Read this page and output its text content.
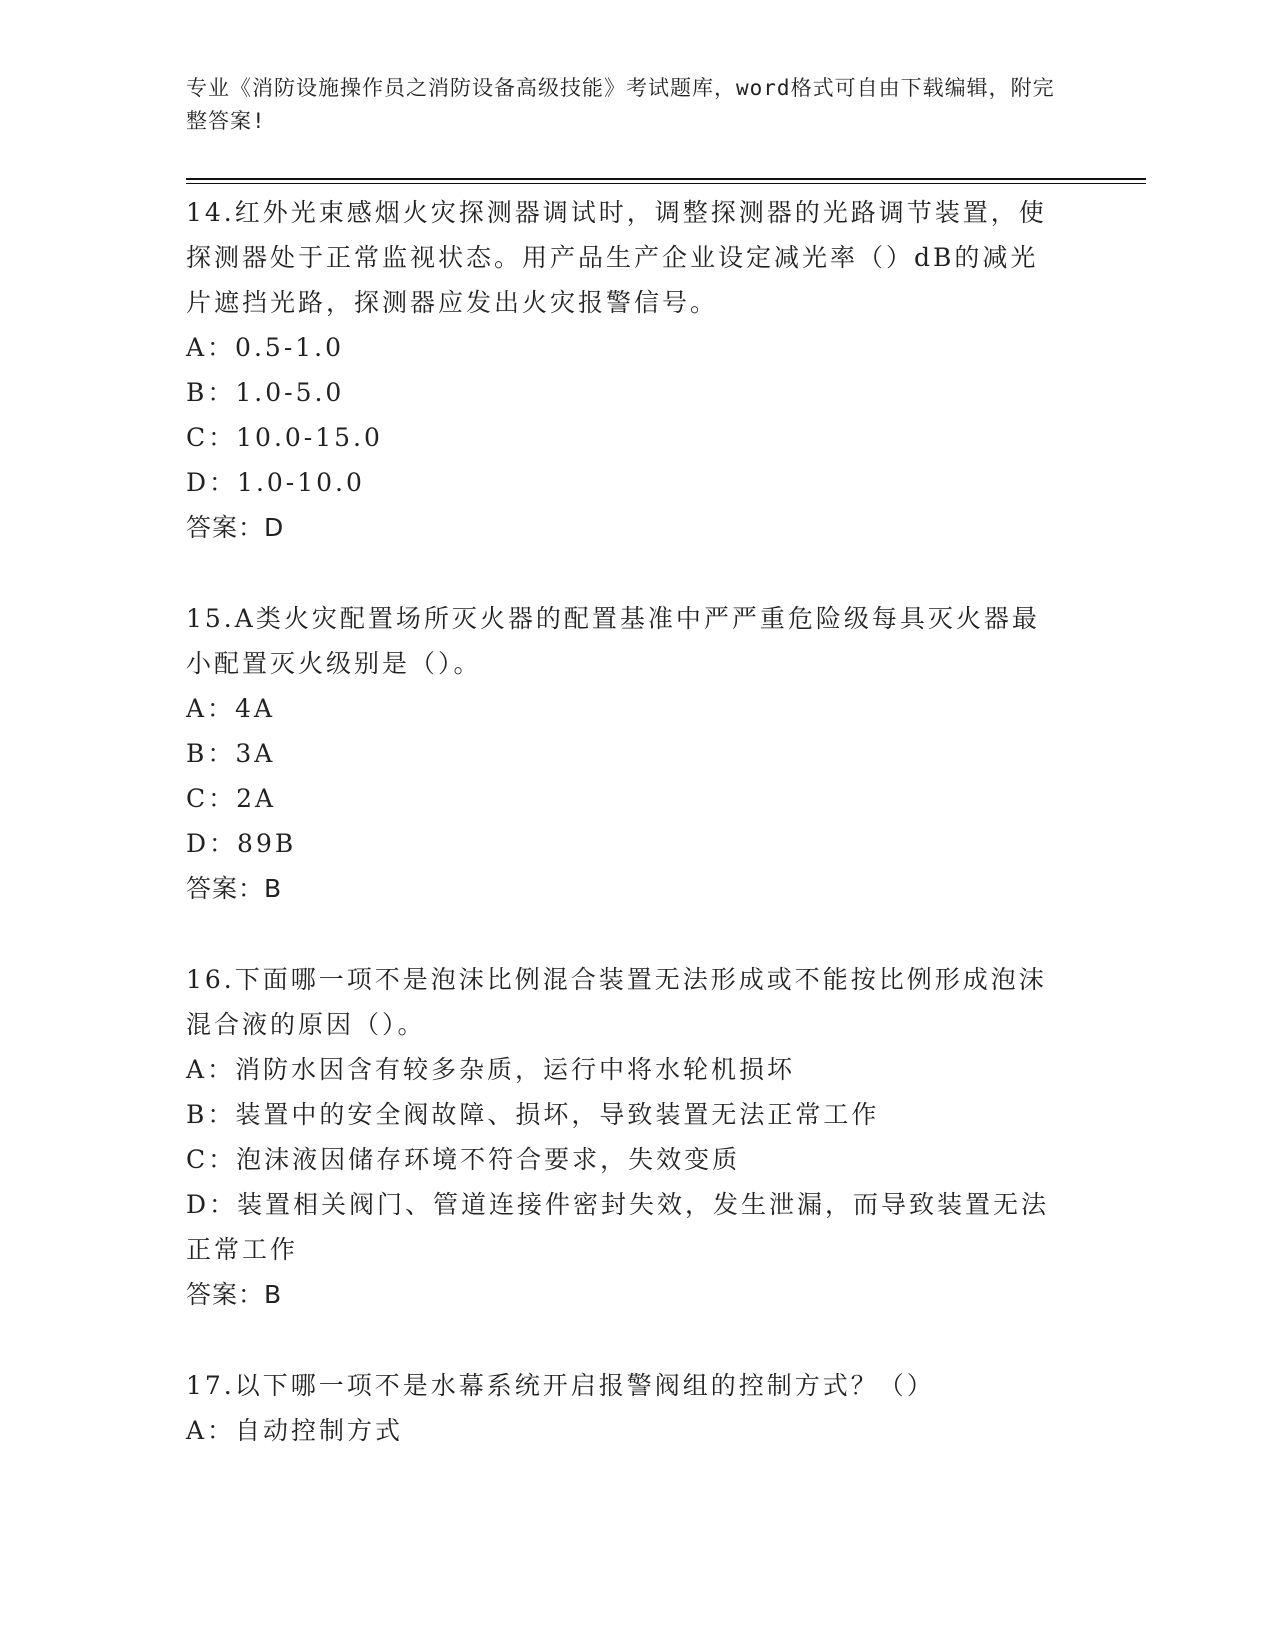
专业《消防设施操作员之消防设备高级技能》考试题库，word格式可自由下载编辑，附完整答案!
14.红外光束感烟火灾探测器调试时，调整探测器的光路调节装置，使探测器处于正常监视状态。用产品生产企业设定减光率（）dB的减光片遮挡光路，探测器应发出火灾报警信号。
A：0.5-1.0
B：1.0-5.0
C：10.0-15.0
D：1.0-10.0
答案：D
15.A类火灾配置场所灭火器的配置基准中严严重危险级每具灭火器最小配置灭火级别是（）。
A：4A
B：3A
C：2A
D：89B
答案：B
16.下面哪一项不是泡沫比例混合装置无法形成或不能按比例形成泡沫混合液的原因（）。
A：消防水因含有较多杂质，运行中将水轮机损坏
B：装置中的安全阀故障、损坏，导致装置无法正常工作
C：泡沫液因储存环境不符合要求，失效变质
D：装置相关阀门、管道连接件密封失效，发生泄漏，而导致装置无法正常工作
答案：B
17.以下哪一项不是水幕系统开启报警阀组的控制方式？（）
A：自动控制方式
